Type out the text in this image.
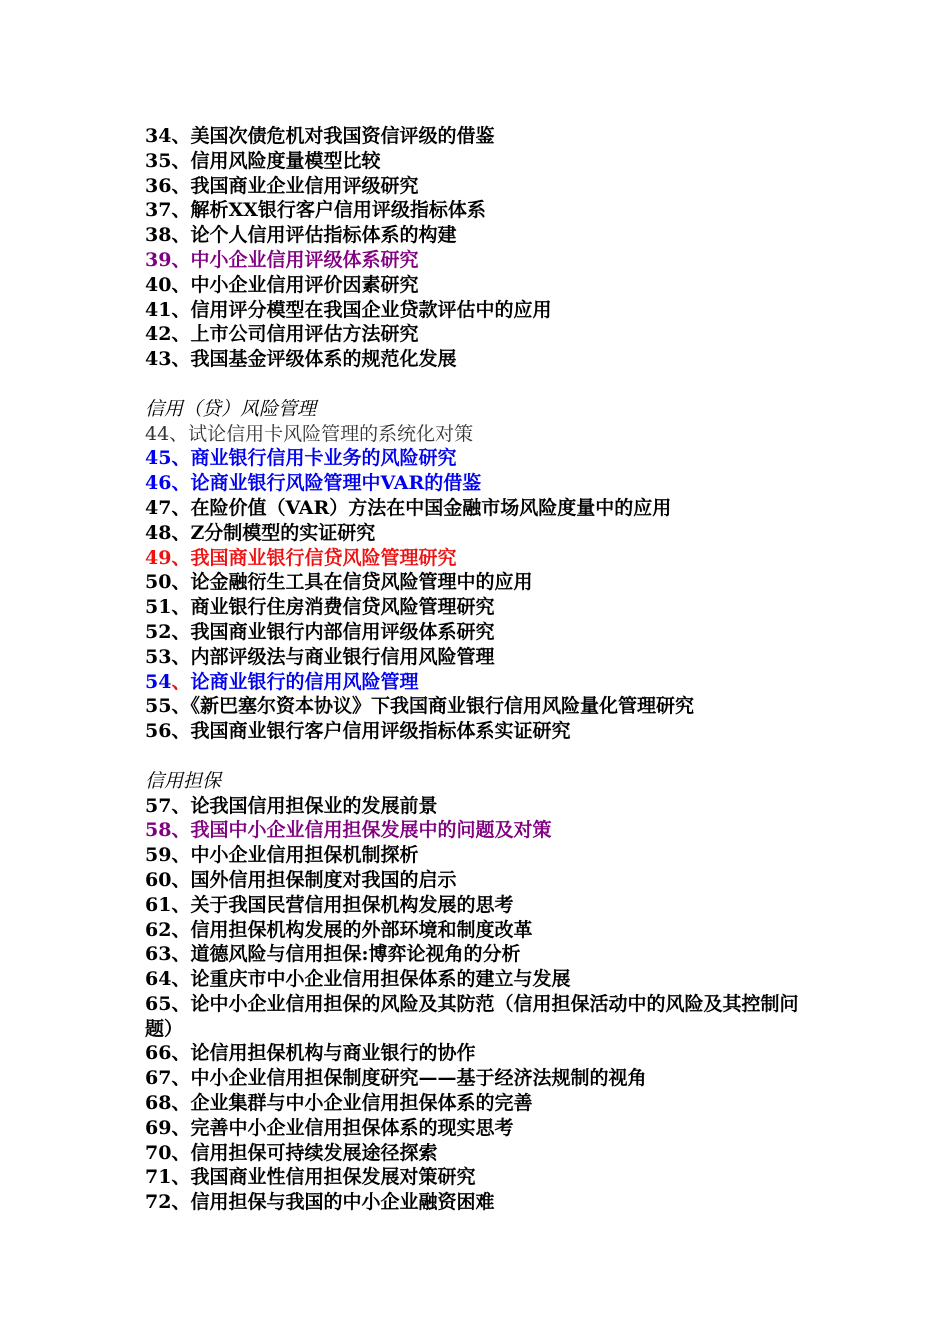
34、美国次债危机对我国资信评级的借鉴
35、信用风险度量模型比较
36、我国商业企业信用评级研究
37、解析XX银行客户信用评级指标体系
38、论个人信用评估指标体系的构建
39、中小企业信用评级体系研究
40、中小企业信用评价因素研究
41、信用评分模型在我国企业贷款评估中的应用
42、上市公司信用评估方法研究
43、我国基金评级体系的规范化发展
信用（贷）风险管理
44、试论信用卡风险管理的系统化对策
45、商业银行信用卡业务的风险研究
46、论商业银行风险管理中VAR的借鉴
47、在险价值（VAR）方法在中国金融市场风险度量中的应用
48、Z分制模型的实证研究
49、我国商业银行信贷风险管理研究
50、论金融衍生工具在信贷风险管理中的应用
51、商业银行住房消费信贷风险管理研究
52、我国商业银行内部信用评级体系研究
53、内部评级法与商业银行信用风险管理
54、论商业银行的信用风险管理
55、《新巴塞尔资本协议》下我国商业银行信用风险量化管理研究
56、我国商业银行客户信用评级指标体系实证研究
信用担保
57、论我国信用担保业的发展前景
58、我国中小企业信用担保发展中的问题及对策
59、中小企业信用担保机制探析
60、国外信用担保制度对我国的启示
61、关于我国民营信用担保机构发展的思考
62、信用担保机构发展的外部环境和制度改革
63、道德风险与信用担保:博弈论视角的分析
64、论重庆市中小企业信用担保体系的建立与发展
65、论中小企业信用担保的风险及其防范（信用担保活动中的风险及其控制问题）
66、论信用担保机构与商业银行的协作
67、中小企业信用担保制度研究——基于经济法规制的视角
68、企业集群与中小企业信用担保体系的完善
69、完善中小企业信用担保体系的现实思考
70、信用担保可持续发展途径探索
71、我国商业性信用担保发展对策研究
72、信用担保与我国的中小企业融资困难
